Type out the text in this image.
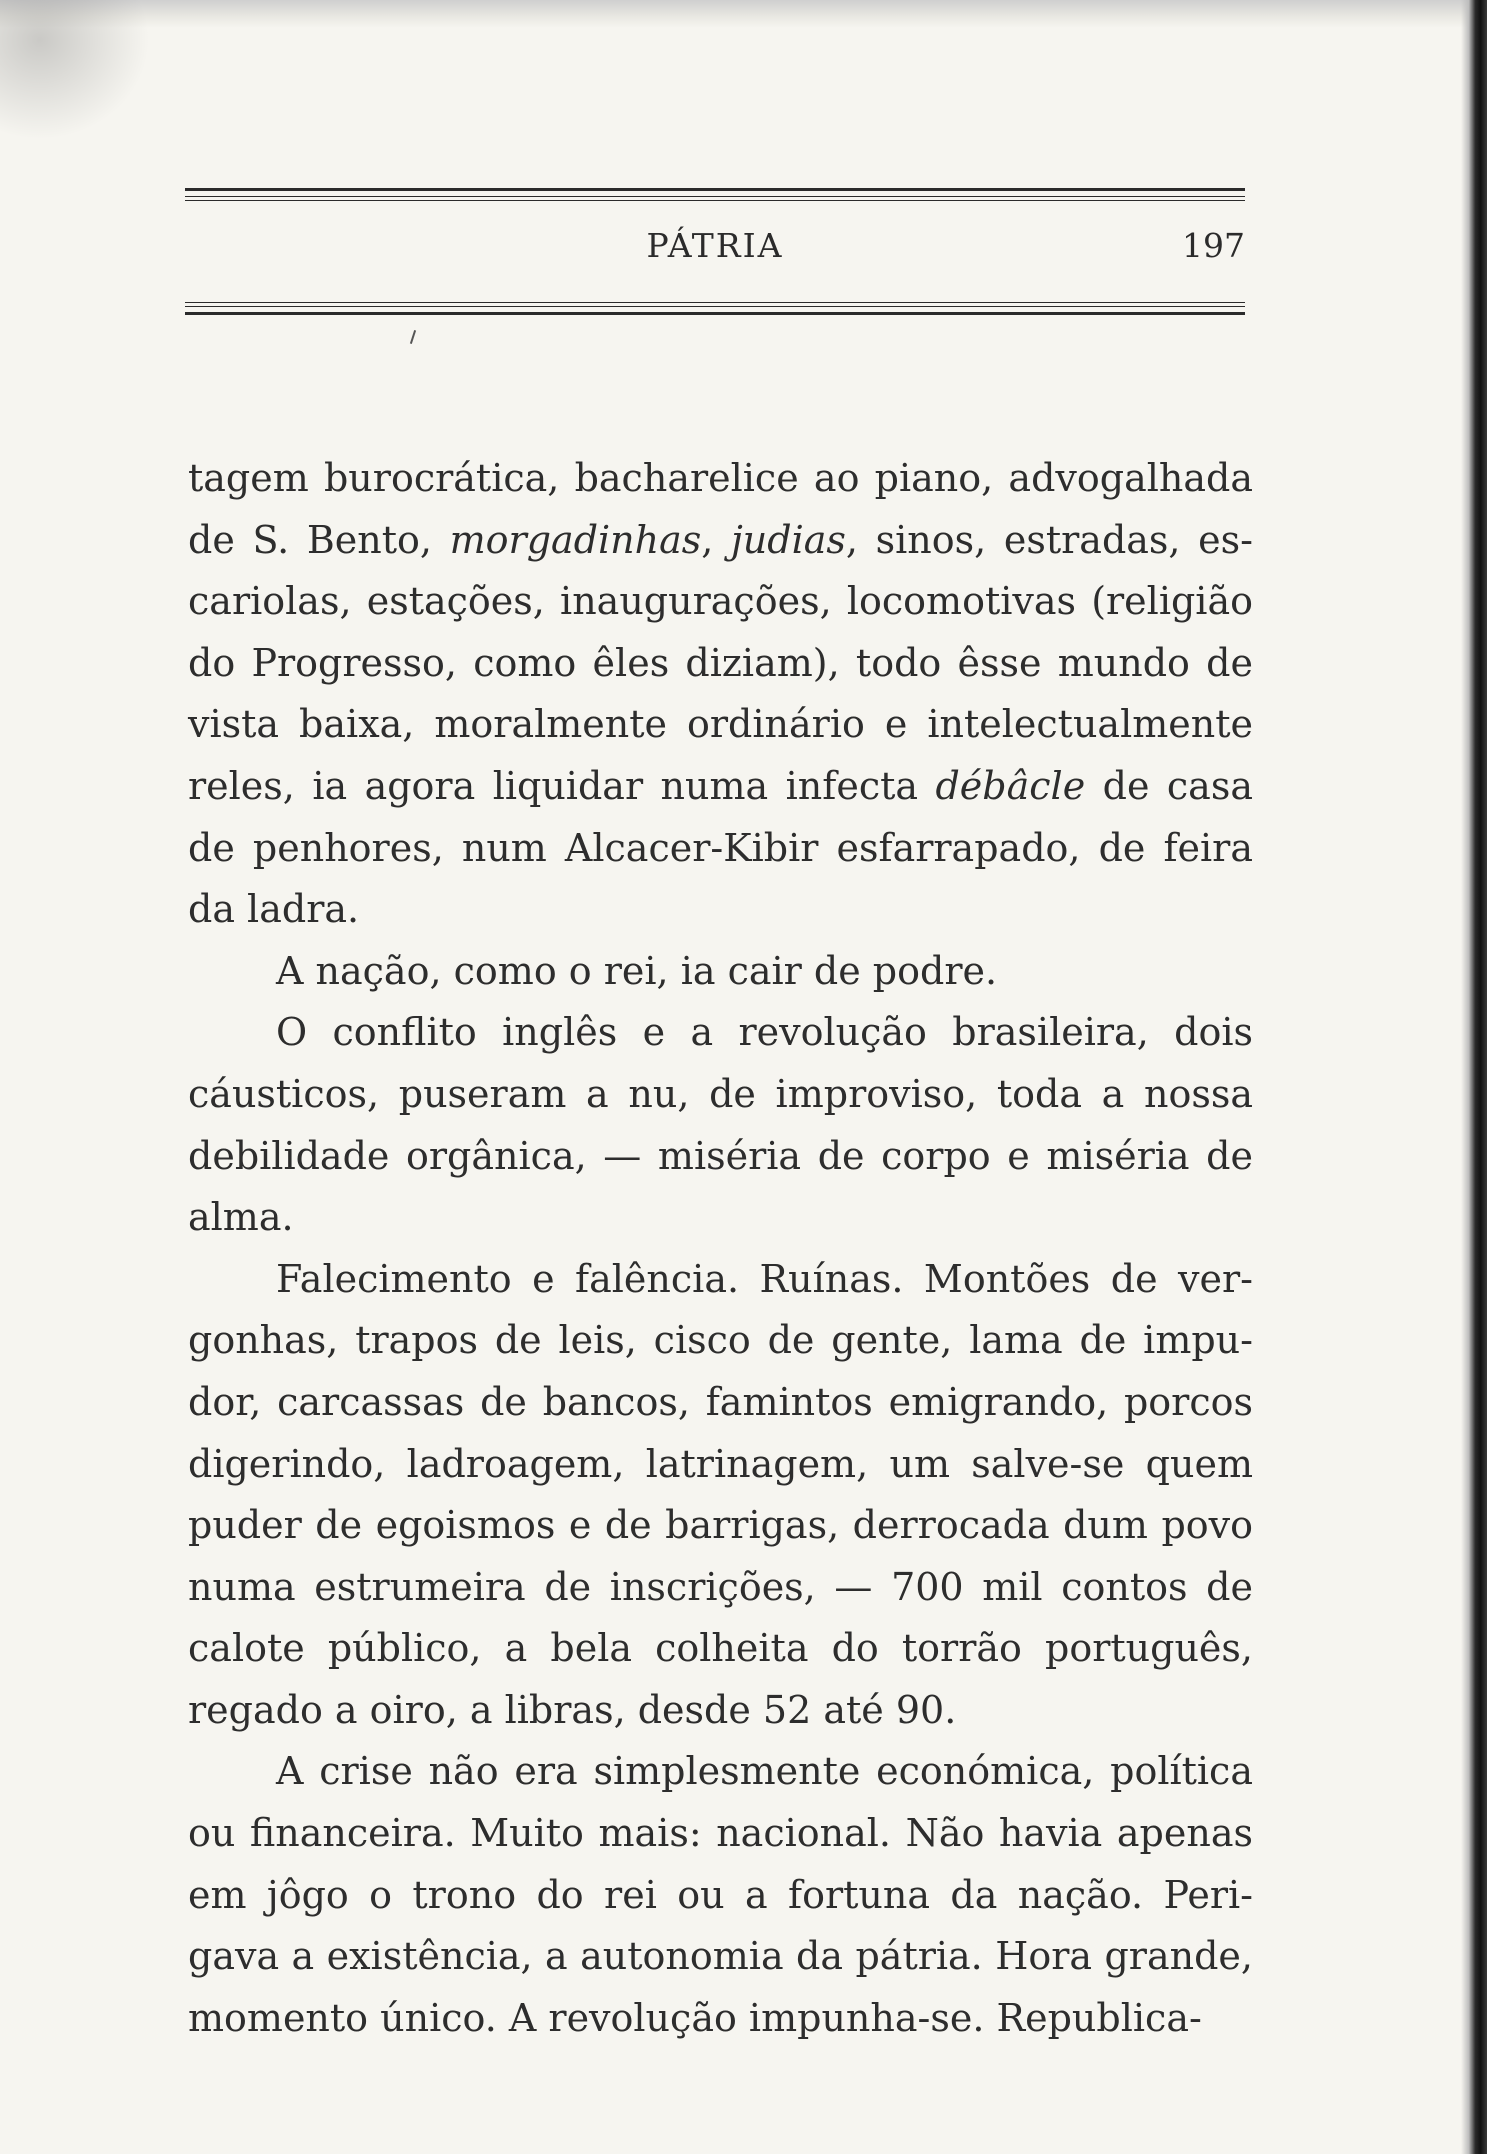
PÁTRIA	197
tagem burocrática, bacharelice ao piano, advogalhada
de S. Bento, morgadinhas, judias, sinos, estradas, es-
cariolas, estações, inaugurações, locomotivas (religião
do Progresso, como êles diziam), todo êsse mundo de
vista baixa, moralmente ordinário e intelectualmente
reles, ia agora liquidar numa infecta débâcle de casa
de penhores, num Alcacer-Kibir esfarrapado, de feira
da ladra.
A nação, como o rei, ia cair de podre.
O conflito inglês e a revolução brasileira, dois
cáusticos, puseram a nu, de improviso, toda a nossa
debilidade orgânica, — miséria de corpo e miséria de
alma.
Falecimento e falência. Ruínas. Montões de ver-
gonhas, trapos de leis, cisco de gente, lama de impu-
dor, carcassas de bancos, famintos emigrando, porcos
digerindo, ladroagem, latrinagem, um salve-se quem
puder de egoismos e de barrigas, derrocada dum povo
numa estrumeira de inscrições, — 700 mil contos de
calote público, a bela colheita do torrão português,
regado a oiro, a libras, desde 52 até 90.
A crise não era simplesmente económica, política
ou financeira. Muito mais: nacional. Não havia apenas
em jôgo o trono do rei ou a fortuna da nação. Peri-
gava a existência, a autonomia da pátria. Hora grande,
momento único. A revolução impunha-se. Republica-
